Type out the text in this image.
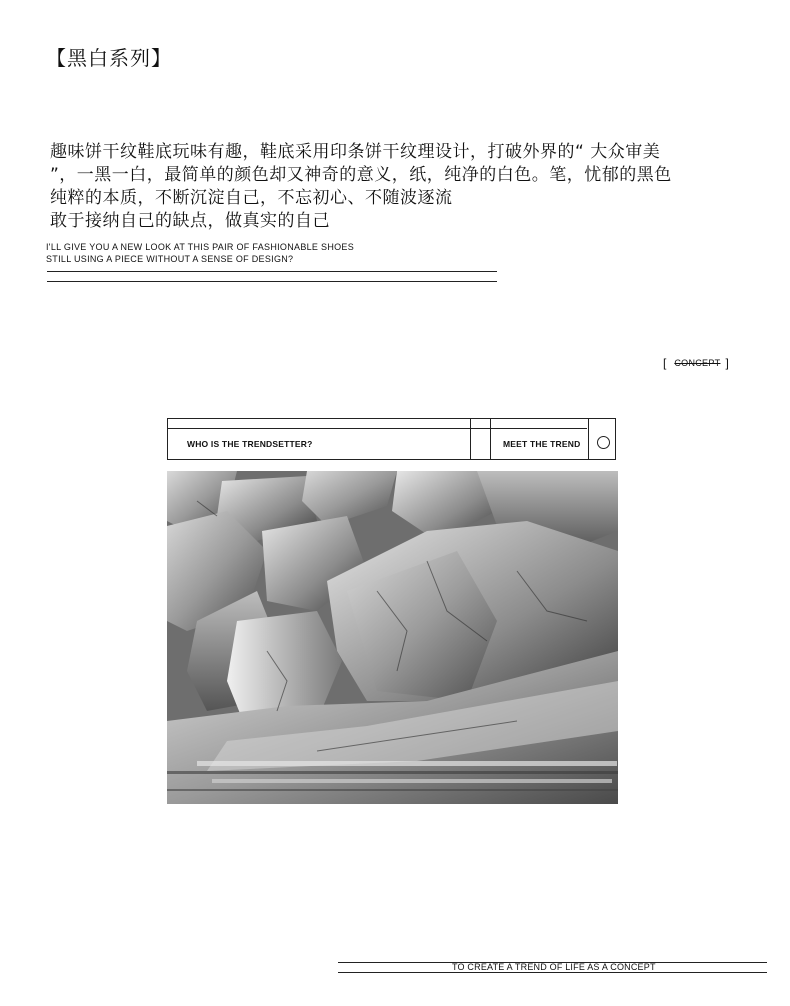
【黑白系列】
趣味饼干纹鞋底玩味有趣，鞋底采用印条饼干纹理设计，打破外界的“ 大众审美
”，一黑一白，最简单的颜色却又神奇的意义，纸，纯净的白色。笔，忧郁的黑色
纯粹的本质，不断沉淀自己，不忘初心、不随波逐流
敢于接纳自己的缺点，做真实的自己
I'LL GIVE YOU A NEW LOOK AT THIS PAIR OF FASHIONABLE SHOES
STILL USING A PIECE WITHOUT A SENSE OF DESIGN?
[ CONCEPT ]
WHO IS THE TRENDSETTER?	MEET THE TREND
TO CREATE A TREND OF LIFE AS A CONCEPT
